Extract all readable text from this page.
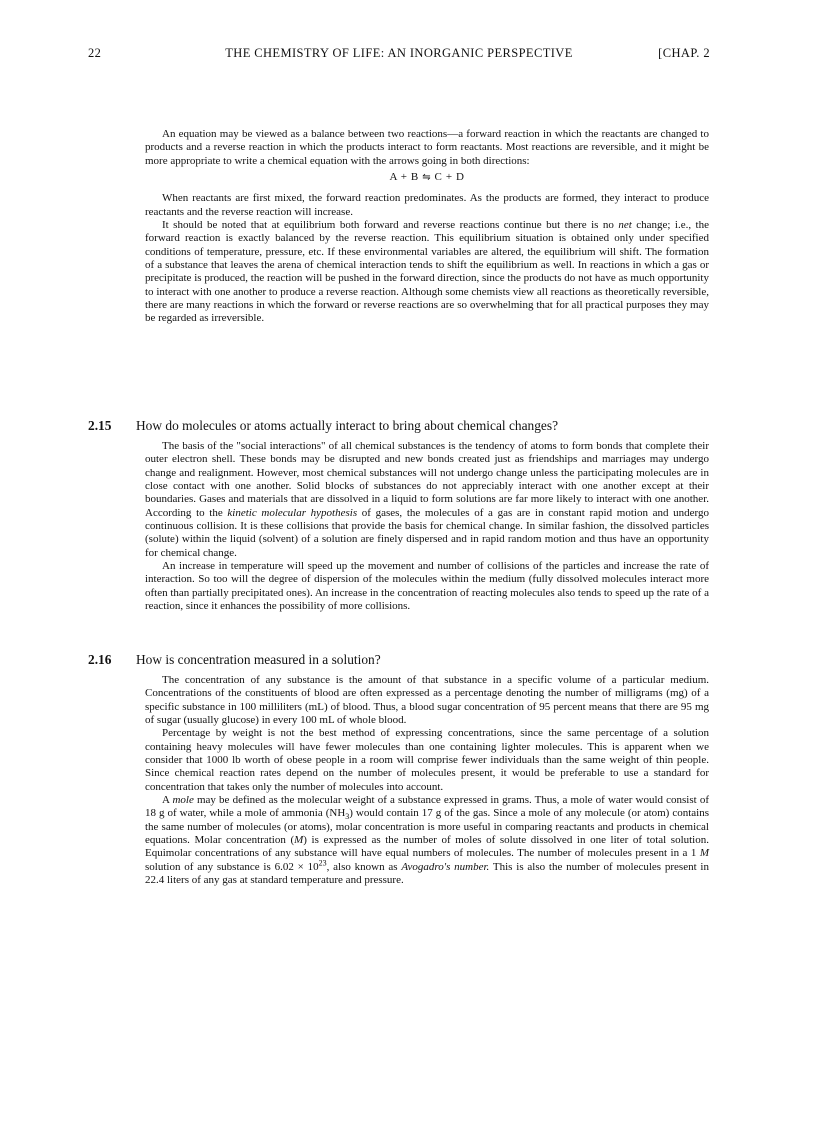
22	THE CHEMISTRY OF LIFE: AN INORGANIC PERSPECTIVE	[CHAP. 2

An equation may be viewed as a balance between two reactions—a forward reaction in which the reactants are changed to products and a reverse reaction in which the products interact to form reactants. Most reactions are reversible, and it might be more appropriate to write a chemical equation with the arrows going in both directions:

A + B ⇋ C + D

When reactants are first mixed, the forward reaction predominates. As the products are formed, they interact to produce reactants and the reverse reaction will increase.

It should be noted that at equilibrium both forward and reverse reactions continue but there is no net change; i.e., the forward reaction is exactly balanced by the reverse reaction. This equilibrium situation is obtained only under specified conditions of temperature, pressure, etc. If these environmental variables are altered, the equilibrium will shift. The formation of a substance that leaves the arena of chemical interaction tends to shift the equilibrium as well. In reactions in which a gas or precipitate is produced, the reaction will be pushed in the forward direction, since the products do not have as much opportunity to interact with one another to produce a reverse reaction. Although some chemists view all reactions as theoretically reversible, there are many reactions in which the forward or reverse reactions are so overwhelming that for all practical purposes they may be regarded as irreversible.

2.15 How do molecules or atoms actually interact to bring about chemical changes?

The basis of the "social interactions" of all chemical substances is the tendency of atoms to form bonds that complete their outer electron shell. These bonds may be disrupted and new bonds created just as friendships and marriages may undergo change and realignment. However, most chemical substances will not undergo change unless the participating molecules are in close contact with one another. Solid blocks of substances do not appreciably interact with one another except at their boundaries. Gases and materials that are dissolved in a liquid to form solutions are far more likely to interact with one another. According to the kinetic molecular hypothesis of gases, the molecules of a gas are in constant rapid motion and undergo continuous collision. It is these collisions that provide the basis for chemical change. In similar fashion, the dissolved particles (solute) within the liquid (solvent) of a solution are finely dispersed and in rapid random motion and thus have an opportunity for chemical change.

An increase in temperature will speed up the movement and number of collisions of the particles and increase the rate of interaction. So too will the degree of dispersion of the molecules within the medium (fully dissolved molecules interact more often than partially precipitated ones). An increase in the concentration of reacting molecules also tends to speed up the rate of a reaction, since it enhances the possibility of more collisions.

2.16 How is concentration measured in a solution?

The concentration of any substance is the amount of that substance in a specific volume of a particular medium. Concentrations of the constituents of blood are often expressed as a percentage denoting the number of milligrams (mg) of a specific substance in 100 milliliters (mL) of blood. Thus, a blood sugar concentration of 95 percent means that there are 95 mg of sugar (usually glucose) in every 100 mL of whole blood.

Percentage by weight is not the best method of expressing concentrations, since the same percentage of a solution containing heavy molecules will have fewer molecules than one containing lighter molecules. This is apparent when we consider that 1000 lb worth of obese people in a room will comprise fewer individuals than the same weight of thin people. Since chemical reaction rates depend on the number of molecules present, it would be preferable to use a standard for concentration that takes only the number of molecules into account.

A mole may be defined as the molecular weight of a substance expressed in grams. Thus, a mole of water would consist of 18 g of water, while a mole of ammonia $(NH_3)$ would contain 17 g of the gas. Since a mole of any molecule (or atom) contains the same number of molecules (or atoms), molar concentration is more useful in comparing reactants and products in chemical equations. Molar concentration (M) is expressed as the number of moles of solute dissolved in one liter of total solution. Equimolar concentrations of any substance will have equal numbers of molecules. The number of molecules present in a 1 M solution of any substance is $6.02 \times 10^{23}$, also known as Avogadro's number. This is also the number of molecules present in 22.4 liters of any gas at standard temperature and pressure.
